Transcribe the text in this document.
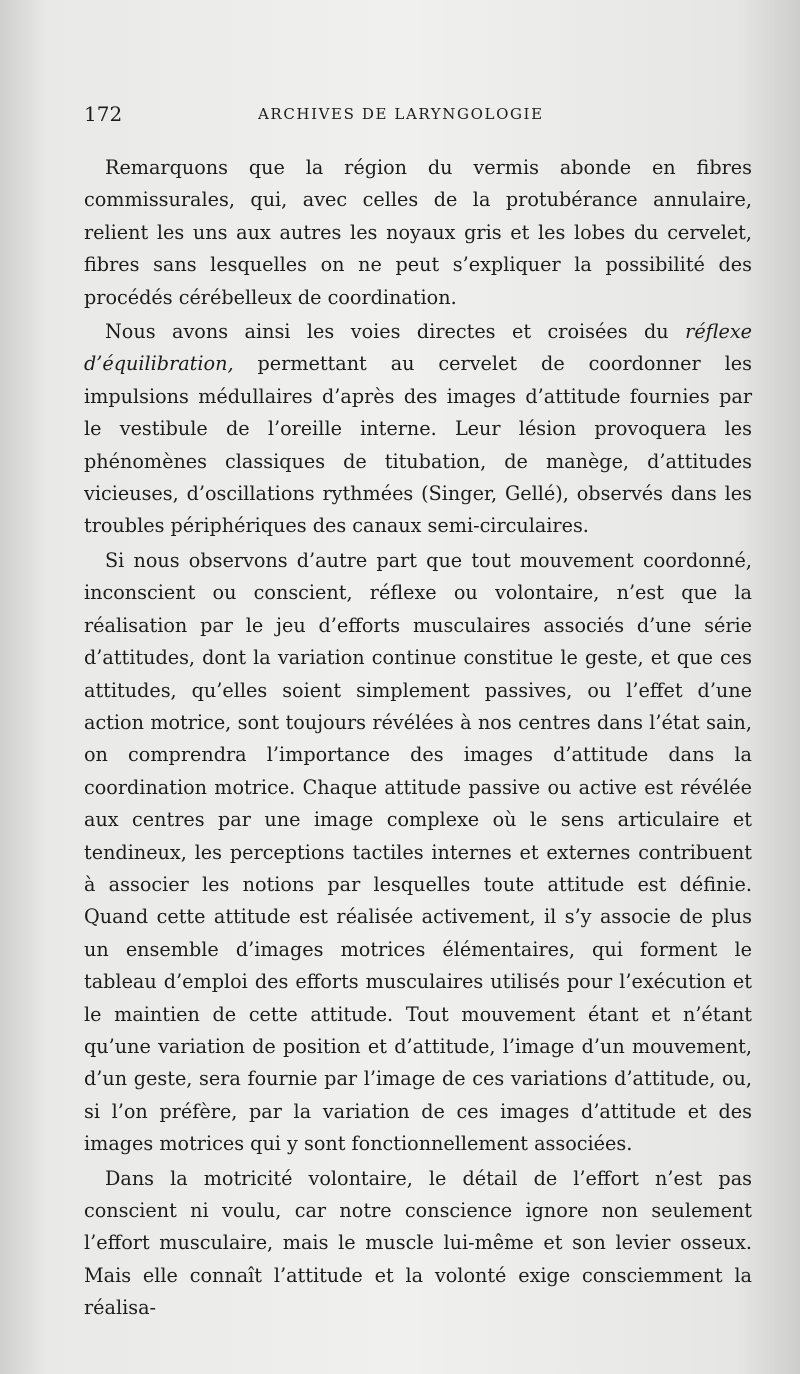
172	ARCHIVES DE LARYNGOLOGIE

Remarquons que la région du vermis abonde en fibres commissurales, qui, avec celles de la protubérance annulaire, relient les uns aux autres les noyaux gris et les lobes du cervelet, fibres sans lesquelles on ne peut s’expliquer la possibilité des procédés cérébelleux de coordination.

Nous avons ainsi les voies directes et croisées du réflexe d’équilibration, permettant au cervelet de coordonner les impulsions médullaires d’après des images d’attitude fournies par le vestibule de l’oreille interne. Leur lésion provoquera les phénomènes classiques de titubation, de manège, d’attitudes vicieuses, d’oscillations rythmées (Singer, Gellé), observés dans les troubles périphériques des canaux semi-circulaires.

Si nous observons d’autre part que tout mouvement coordonné, inconscient ou conscient, réflexe ou volontaire, n’est que la réalisation par le jeu d’efforts musculaires associés d’une série d’attitudes, dont la variation continue constitue le geste, et que ces attitudes, qu’elles soient simplement passives, ou l’effet d’une action motrice, sont toujours révélées à nos centres dans l’état sain, on comprendra l’importance des images d’attitude dans la coordination motrice. Chaque attitude passive ou active est révélée aux centres par une image complexe où le sens articulaire et tendineux, les perceptions tactiles internes et externes contribuent à associer les notions par lesquelles toute attitude est définie. Quand cette attitude est réalisée activement, il s’y associe de plus un ensemble d’images motrices élémentaires, qui forment le tableau d’emploi des efforts musculaires utilisés pour l’exécution et le maintien de cette attitude. Tout mouvement étant et n’étant qu’une variation de position et d’attitude, l’image d’un mouvement, d’un geste, sera fournie par l’image de ces variations d’attitude, ou, si l’on préfère, par la variation de ces images d’attitude et des images motrices qui y sont fonctionnellement associées.

Dans la motricité volontaire, le détail de l’effort n’est pas conscient ni voulu, car notre conscience ignore non seulement l’effort musculaire, mais le muscle lui-même et son levier osseux. Mais elle connaît l’attitude et la volonté exige consciemment la réalisa-
